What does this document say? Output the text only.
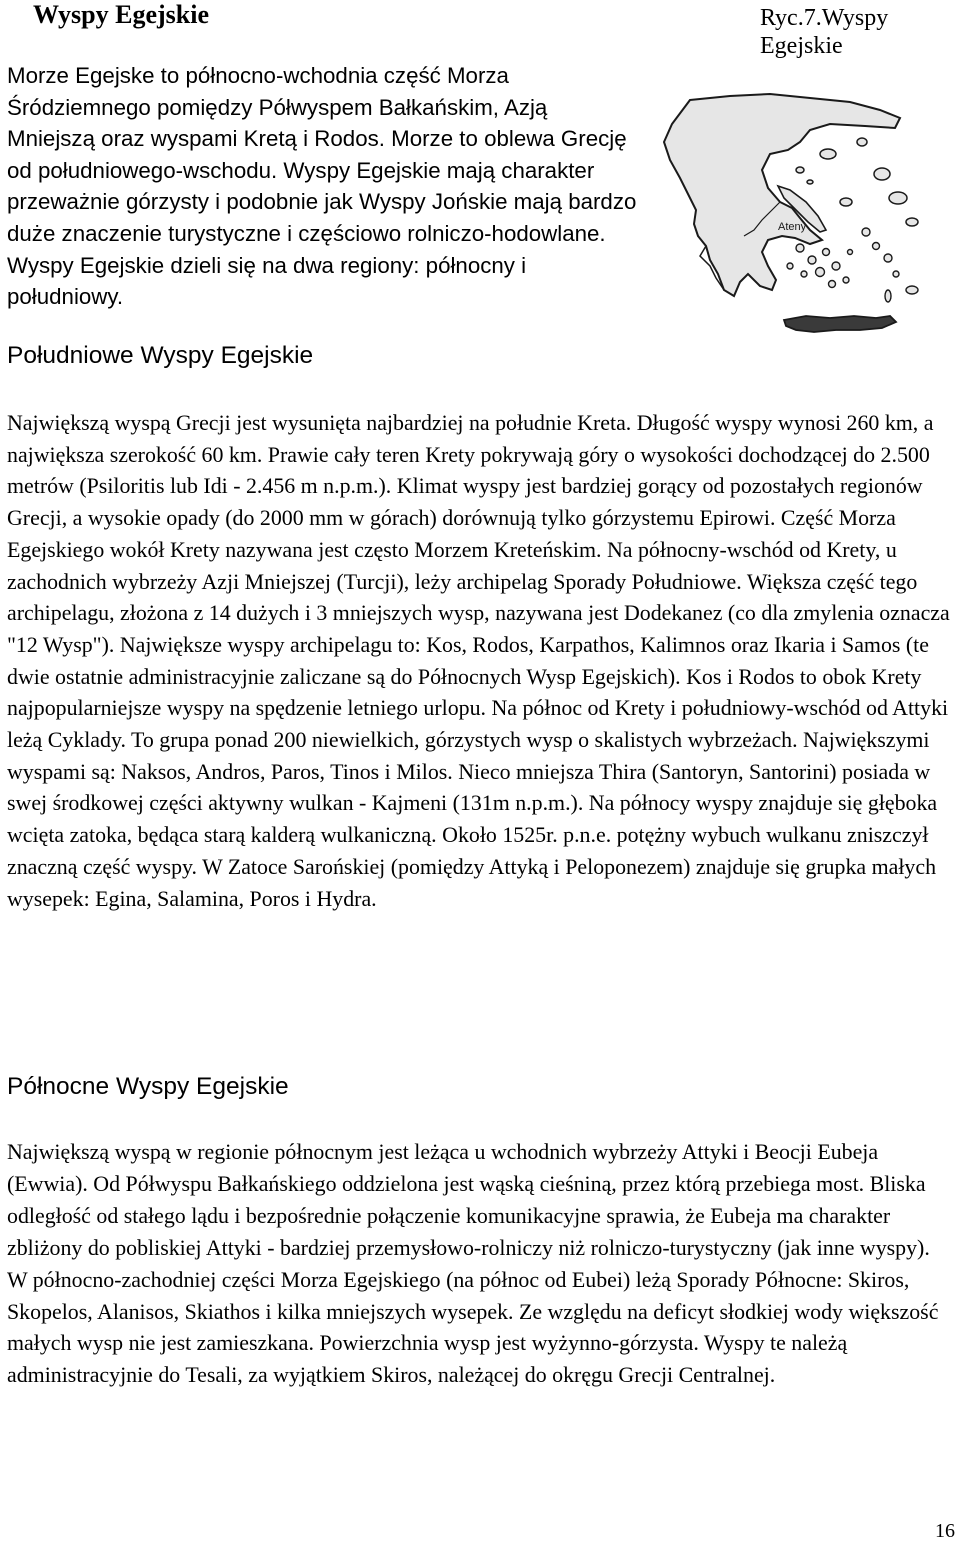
Wyspy Egejskie	Ryc.7.Wyspy Egejskie

Morze Egejske to północno-wchodnia część Morza Śródziemnego pomiędzy Półwyspem Bałkańskim, Azją Mniejszą oraz wyspami Kretą i Rodos. Morze to oblewa Grecję od południowego-wschodu. Wyspy Egejskie mają charakter przeważnie górzysty i podobnie jak Wyspy Jońskie mają bardzo duże znaczenie turystyczne i częściowo rolniczo-hodowlane. Wyspy Egejskie dzieli się na dwa regiony: północny i południowy.

Ateny
Południowe Wyspy Egejskie

Największą wyspą Grecji jest wysunięta najbardziej na południe Kreta. Długość wyspy wynosi 260 km, a największa szerokość 60 km. Prawie cały teren Krety pokrywają góry o wysokości dochodzącej do 2.500 metrów (Psiloritis lub Idi - 2.456 m n.p.m.). Klimat wyspy jest bardziej gorący od pozostałych regionów Grecji, a wysokie opady (do 2000 mm w górach) dorównują tylko górzystemu Epirowi. Część Morza Egejskiego wokół Krety nazywana jest często Morzem Kreteńskim. Na północny-wschód od Krety, u zachodnich wybrzeży Azji Mniejszej (Turcji), leży archipelag Sporady Południowe. Większa część tego archipelagu, złożona z 14 dużych i 3 mniejszych wysp, nazywana jest Dodekanez (co dla zmylenia oznacza "12 Wysp"). Największe wyspy archipelagu to: Kos, Rodos, Karpathos, Kalimnos oraz Ikaria i Samos (te dwie ostatnie administracyjnie zaliczane są do Północnych Wysp Egejskich). Kos i Rodos to obok Krety najpopularniejsze wyspy na spędzenie letniego urlopu. Na północ od Krety i południowy-wschód od Attyki leżą Cyklady. To grupa ponad 200 niewielkich, górzystych wysp o skalistych wybrzeżach. Największymi wyspami są: Naksos, Andros, Paros, Tinos i Milos. Nieco mniejsza Thira (Santoryn, Santorini) posiada w swej środkowej części aktywny wulkan - Kajmeni (131m n.p.m.). Na północy wyspy znajduje się głęboka wcięta zatoka, będąca starą kalderą wulkaniczną. Około 1525r. p.n.e. potężny wybuch wulkanu zniszczył znaczną część wyspy. W Zatoce Sarońskiej (pomiędzy Attyką i Peloponezem) znajduje się grupka małych wysepek: Egina, Salamina, Poros i Hydra.

Północne Wyspy Egejskie

Największą wyspą w regionie północnym jest leżąca u wchodnich wybrzeży Attyki i Beocji Eubeja (Ewwia). Od Półwyspu Bałkańskiego oddzielona jest wąską cieśniną, przez którą przebiega most. Bliska odległość od stałego lądu i bezpośrednie połączenie komunikacyjne sprawia, że Eubeja ma charakter zbliżony do pobliskiej Attyki - bardziej przemysłowo-rolniczy niż rolniczo-turystyczny (jak inne wyspy).

W północno-zachodniej części Morza Egejskiego (na północ od Eubei) leżą Sporady Północne: Skiros, Skopelos, Alanisos, Skiathos i kilka mniejszych wysepek. Ze względu na deficyt słodkiej wody większość małych wysp nie jest zamieszkana. Powierzchnia wysp jest wyżynno-górzysta. Wyspy te należą administracyjnie do Tesali, za wyjątkiem Skiros, należącej do okręgu Grecji Centralnej.

16
